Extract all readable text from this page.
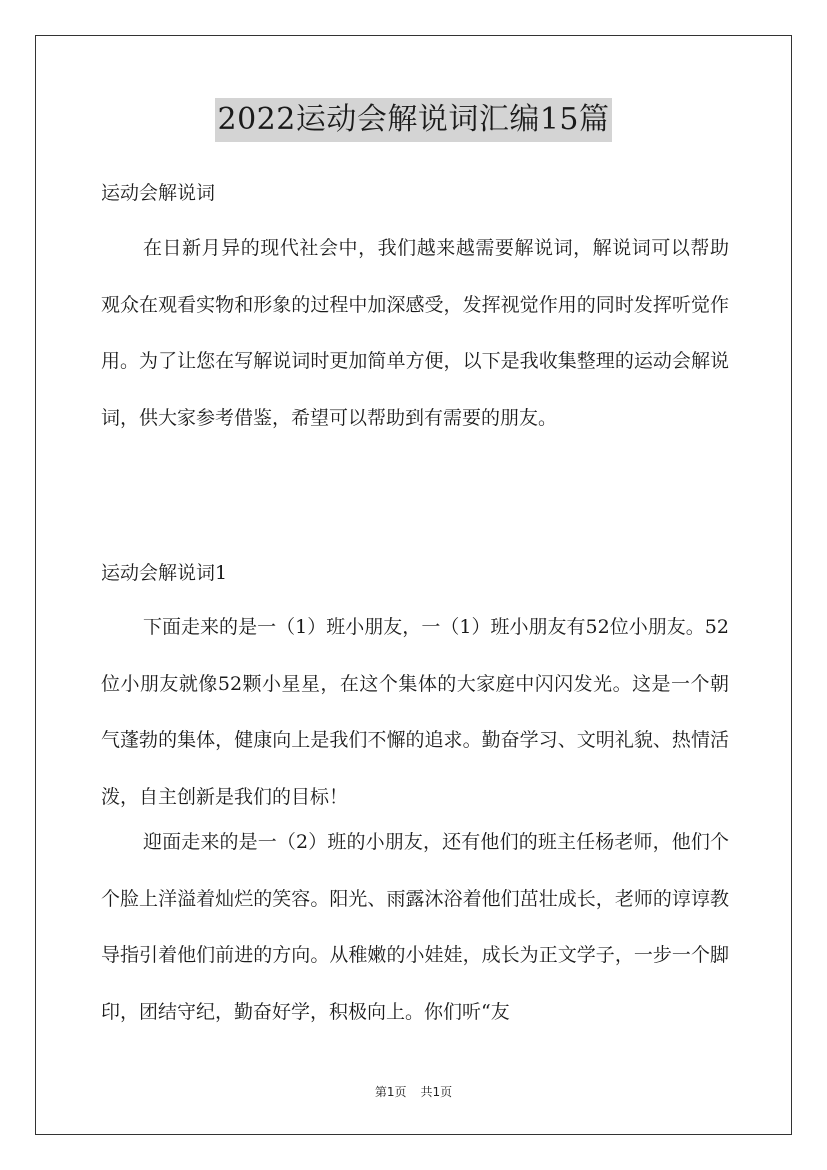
2022运动会解说词汇编15篇
运动会解说词

在日新月异的现代社会中，我们越来越需要解说词，解说词可以帮助观众在观看实物和形象的过程中加深感受，发挥视觉作用的同时发挥听觉作用。为了让您在写解说词时更加简单方便，以下是我收集整理的运动会解说词，供大家参考借鉴，希望可以帮助到有需要的朋友。

运动会解说词1

下面走来的是一（1）班小朋友，一（1）班小朋友有52位小朋友。52位小朋友就像52颗小星星，在这个集体的大家庭中闪闪发光。这是一个朝气蓬勃的集体，健康向上是我们不懈的追求。勤奋学习、文明礼貌、热情活泼，自主创新是我们的目标！

迎面走来的是一（2）班的小朋友，还有他们的班主任杨老师，他们个个脸上洋溢着灿烂的笑容。阳光、雨露沐浴着他们茁壮成长，老师的谆谆教导指引着他们前进的方向。从稚嫩的小娃娃，成长为正文学子，一步一个脚印，团结守纪，勤奋好学，积极向上。你们听“友

第1页 共1页
